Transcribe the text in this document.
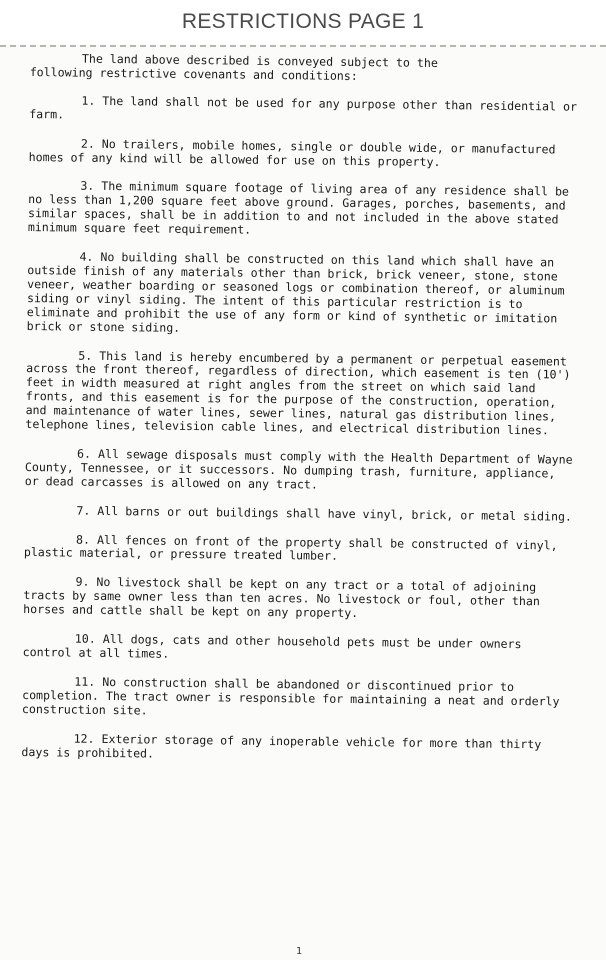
RESTRICTIONS PAGE 1
The land above described is conveyed subject to the
following restrictive covenants and conditions:
1. The land shall not be used for any purpose other than residential or farm.
2. No trailers, mobile homes, single or double wide, or manufactured homes of any kind will be allowed for use on this property.
3. The minimum square footage of living area of any residence shall be no less than 1,200 square feet above ground. Garages, porches, basements, and similar spaces, shall be in addition to and not included in the above stated minimum square feet requirement.
4. No building shall be constructed on this land which shall have an outside finish of any materials other than brick, brick veneer, stone, stone veneer, weather boarding or seasoned logs or combination thereof, or aluminum siding or vinyl siding. The intent of this particular restriction is to eliminate and prohibit the use of any form or kind of synthetic or imitation brick or stone siding.
5. This land is hereby encumbered by a permanent or perpetual easement across the front thereof, regardless of direction, which easement is ten (10') feet in width measured at right angles from the street on which said land fronts, and this easement is for the purpose of the construction, operation, and maintenance of water lines, sewer lines, natural gas distribution lines, telephone lines, television cable lines, and electrical distribution lines.
6. All sewage disposals must comply with the Health Department of Wayne County, Tennessee, or it successors. No dumping trash, furniture, appliance, or dead carcasses is allowed on any tract.
7. All barns or out buildings shall have vinyl, brick, or metal siding.
8. All fences on front of the property shall be constructed of vinyl, plastic material, or pressure treated lumber.
9. No livestock shall be kept on any tract or a total of adjoining tracts by same owner less than ten acres. No livestock or foul, other than horses and cattle shall be kept on any property.
10. All dogs, cats and other household pets must be under owners control at all times.
11. No construction shall be abandoned or discontinued prior to completion. The tract owner is responsible for maintaining a neat and orderly construction site.
12. Exterior storage of any inoperable vehicle for more than thirty days is prohibited.
1
